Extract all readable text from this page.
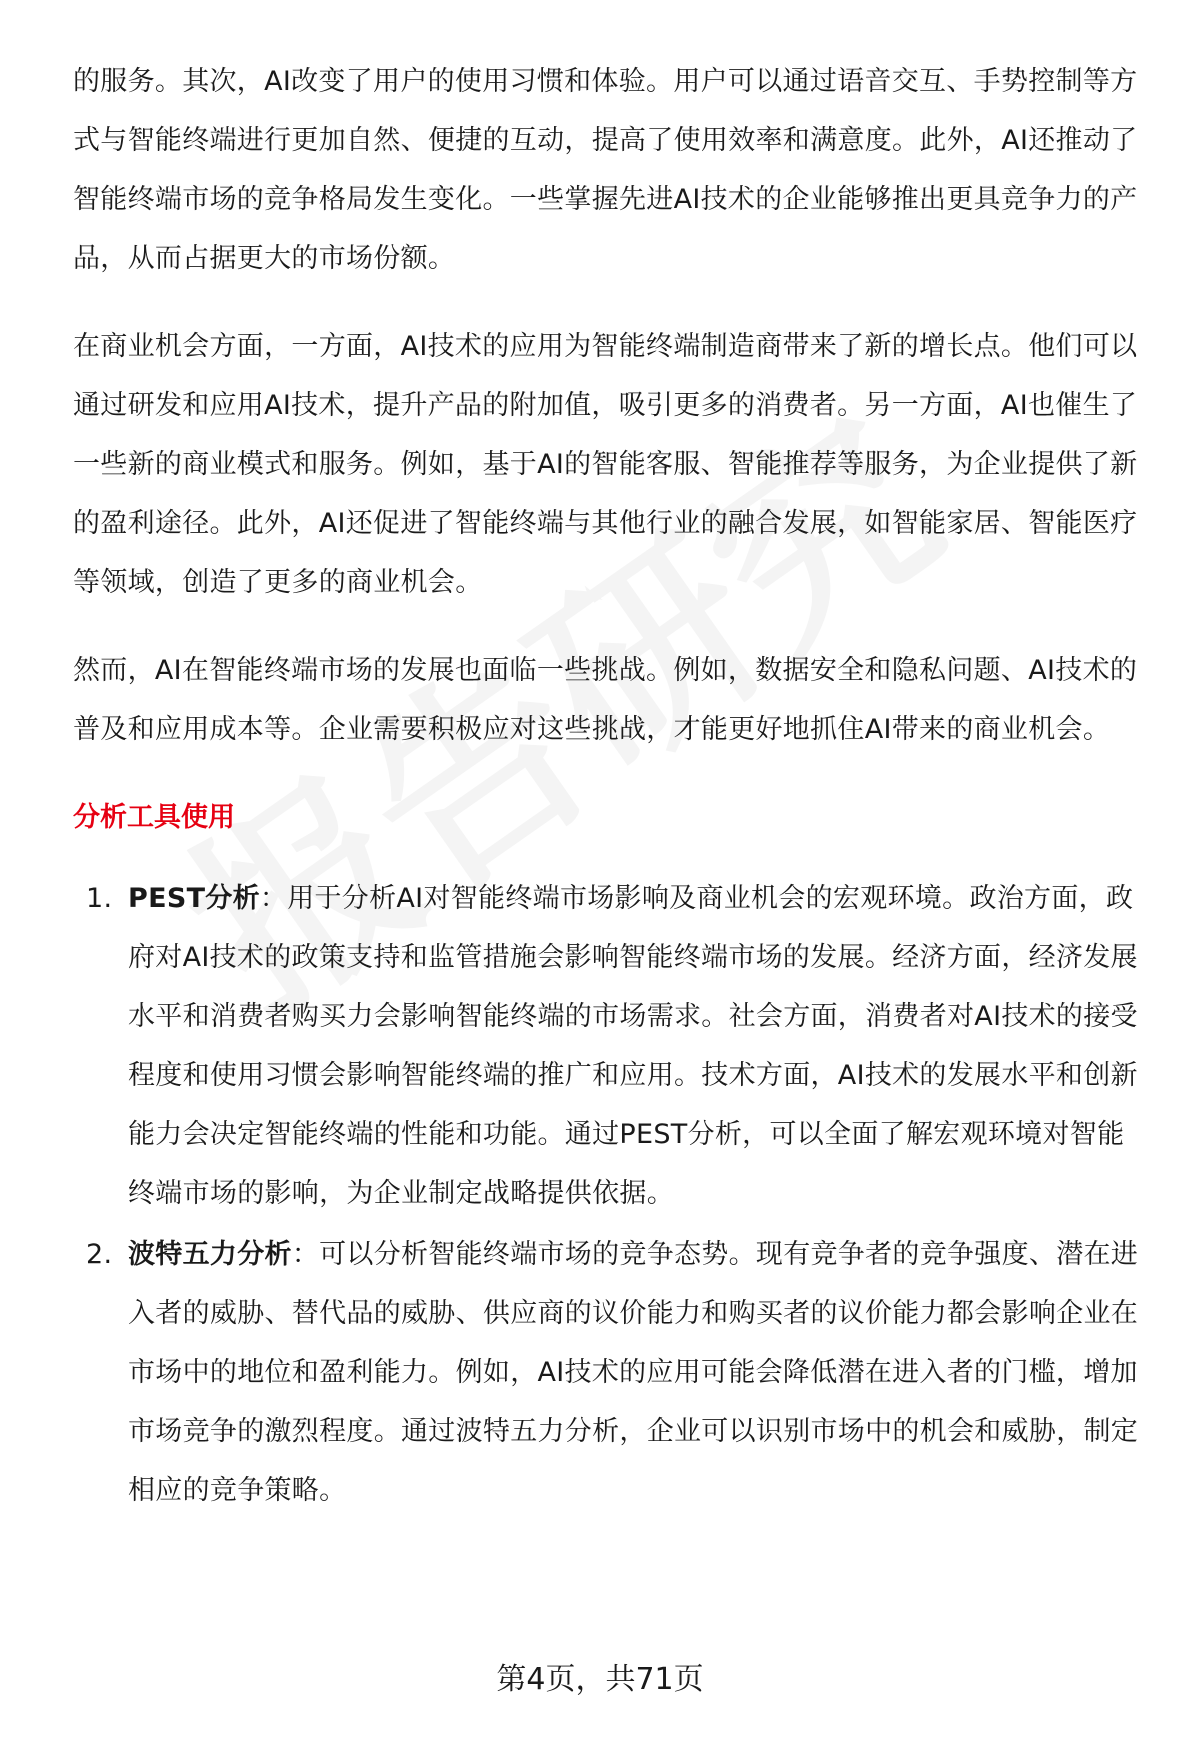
的服务。其次，AI改变了用户的使用习惯和体验。用户可以通过语音交互、手势控制等方式与智能终端进行更加自然、便捷的互动，提高了使用效率和满意度。此外，AI还推动了智能终端市场的竞争格局发生变化。一些掌握先进AI技术的企业能够推出更具竞争力的产品，从而占据更大的市场份额。

在商业机会方面，一方面，AI技术的应用为智能终端制造商带来了新的增长点。他们可以通过研发和应用AI技术，提升产品的附加值，吸引更多的消费者。另一方面，AI也催生了一些新的商业模式和服务。例如，基于AI的智能客服、智能推荐等服务，为企业提供了新的盈利途径。此外，AI还促进了智能终端与其他行业的融合发展，如智能家居、智能医疗等领域，创造了更多的商业机会。

然而，AI在智能终端市场的发展也面临一些挑战。例如，数据安全和隐私问题、AI技术的普及和应用成本等。企业需要积极应对这些挑战，才能更好地抓住AI带来的商业机会。

分析工具使用
1. PEST分析：用于分析AI对智能终端市场影响及商业机会的宏观环境。政治方面，政府对AI技术的政策支持和监管措施会影响智能终端市场的发展。经济方面，经济发展水平和消费者购买力会影响智能终端的市场需求。社会方面，消费者对AI技术的接受程度和使用习惯会影响智能终端的推广和应用。技术方面，AI技术的发展水平和创新能力会决定智能终端的性能和功能。通过PEST分析，可以全面了解宏观环境对智能终端市场的影响，为企业制定战略提供依据。
2. 波特五力分析：可以分析智能终端市场的竞争态势。现有竞争者的竞争强度、潜在进入者的威胁、替代品的威胁、供应商的议价能力和购买者的议价能力都会影响企业在市场中的地位和盈利能力。例如，AI技术的应用可能会降低潜在进入者的门槛，增加市场竞争的激烈程度。通过波特五力分析，企业可以识别市场中的机会和威胁，制定相应的竞争策略。
第4页，共71页
